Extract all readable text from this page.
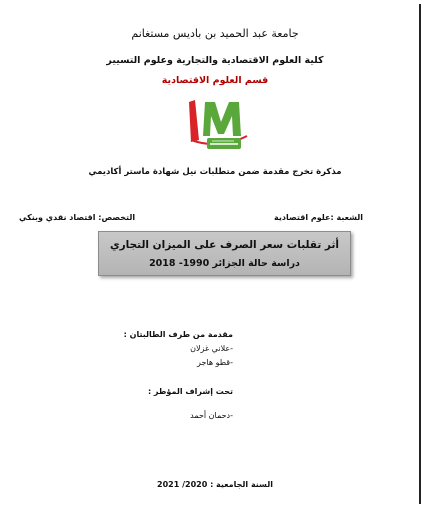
جامعة عبد الحميد بن باديس مستغانم
كلية العلوم الاقتصادية والتجارية وعلوم التسيير
قسم العلوم الاقتصادية
مذكرة تخرج مقدمة ضمن متطلبات نيل شهادة ماستر أكاديمي
الشعبة :علوم اقتصادية
التخصص: اقتصاد نقدي وبنكي
أثر تقلبات سعر الصرف على الميزان التجاري
دراسة حالة الجزائر 1990- 2018
مقدمة من طرف الطالبتان :
-علاني غزلان
-قطو هاجر
تحت إشراف المؤطر :
-دحمان أحمد
السنة الجامعية : 2020/ 2021
